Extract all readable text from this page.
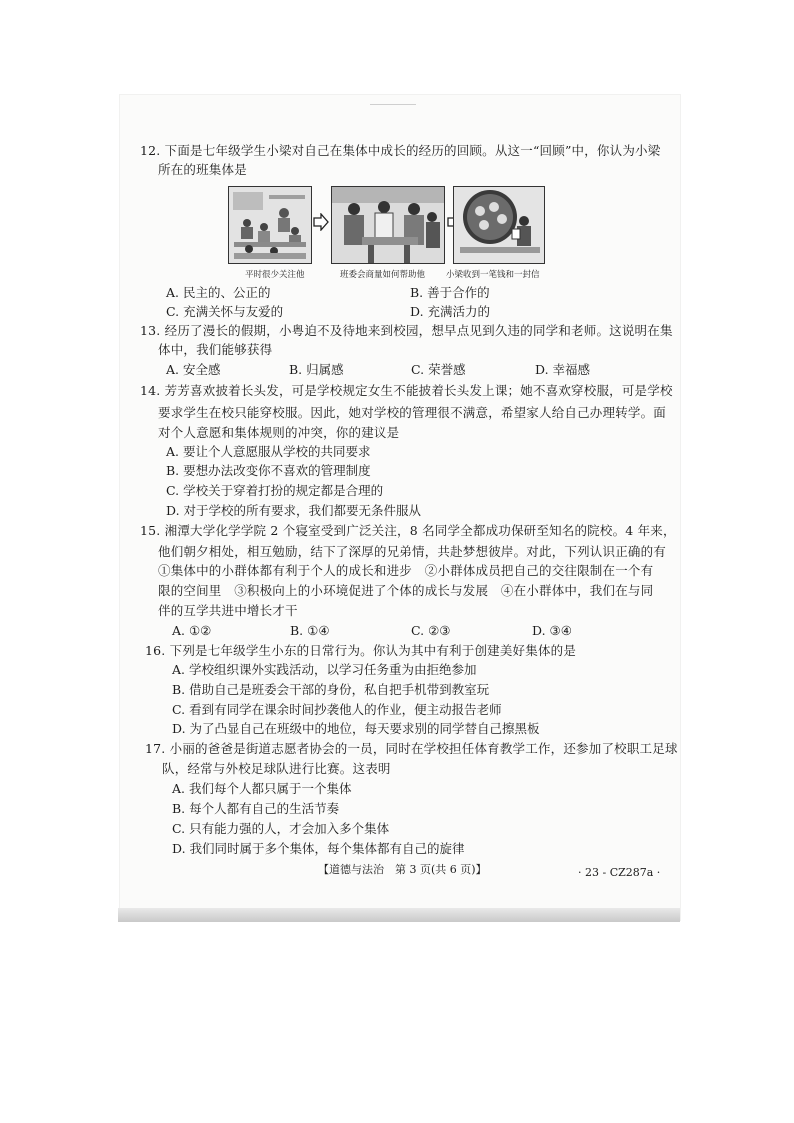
12. 下面是七年级学生小梁对自己在集体中成长的经历的回顾。从这一“回顾”中，你认为小梁
所在的班集体是
平时很少关注他	班委会商量如何帮助他 小梁收到一笔钱和一封信
A. 民主的、公正的	B. 善于合作的
C. 充满关怀与友爱的	D. 充满活力的
13. 经历了漫长的假期，小粤迫不及待地来到校园，想早点见到久违的同学和老师。这说明在集
体中，我们能够获得
A. 安全感	B. 归属感	C. 荣誉感	D. 幸福感
14. 芳芳喜欢披着长头发，可是学校规定女生不能披着长头发上课；她不喜欢穿校服，可是学校
要求学生在校只能穿校服。因此，她对学校的管理很不满意，希望家人给自己办理转学。面
对个人意愿和集体规则的冲突，你的建议是
A. 要让个人意愿服从学校的共同要求
B. 要想办法改变你不喜欢的管理制度
C. 学校关于穿着打扮的规定都是合理的
D. 对于学校的所有要求，我们都要无条件服从
15. 湘潭大学化学学院 2 个寝室受到广泛关注，8 名同学全都成功保研至知名的院校。4 年来，
他们朝夕相处，相互勉励，结下了深厚的兄弟情，共赴梦想彼岸。对此，下列认识正确的有
①集体中的小群体都有利于个人的成长和进步　②小群体成员把自己的交往限制在一个有
限的空间里　③积极向上的小环境促进了个体的成长与发展　④在小群体中，我们在与同
伴的互学共进中增长才干
A. ①②	B. ①④	C. ②③	D. ③④
16. 下列是七年级学生小东的日常行为。你认为其中有利于创建美好集体的是
A. 学校组织课外实践活动，以学习任务重为由拒绝参加
B. 借助自己是班委会干部的身份，私自把手机带到教室玩
C. 看到有同学在课余时间抄袭他人的作业，便主动报告老师
D. 为了凸显自己在班级中的地位，每天要求别的同学替自己擦黑板
17. 小丽的爸爸是街道志愿者协会的一员，同时在学校担任体育教学工作，还参加了校职工足球
队，经常与外校足球队进行比赛。这表明
A. 我们每个人都只属于一个集体
B. 每个人都有自己的生活节奏
C. 只有能力强的人，才会加入多个集体
D. 我们同时属于多个集体，每个集体都有自己的旋律
【道德与法治　第 3 页(共 6 页)】	· 23 - CZ287a ·
